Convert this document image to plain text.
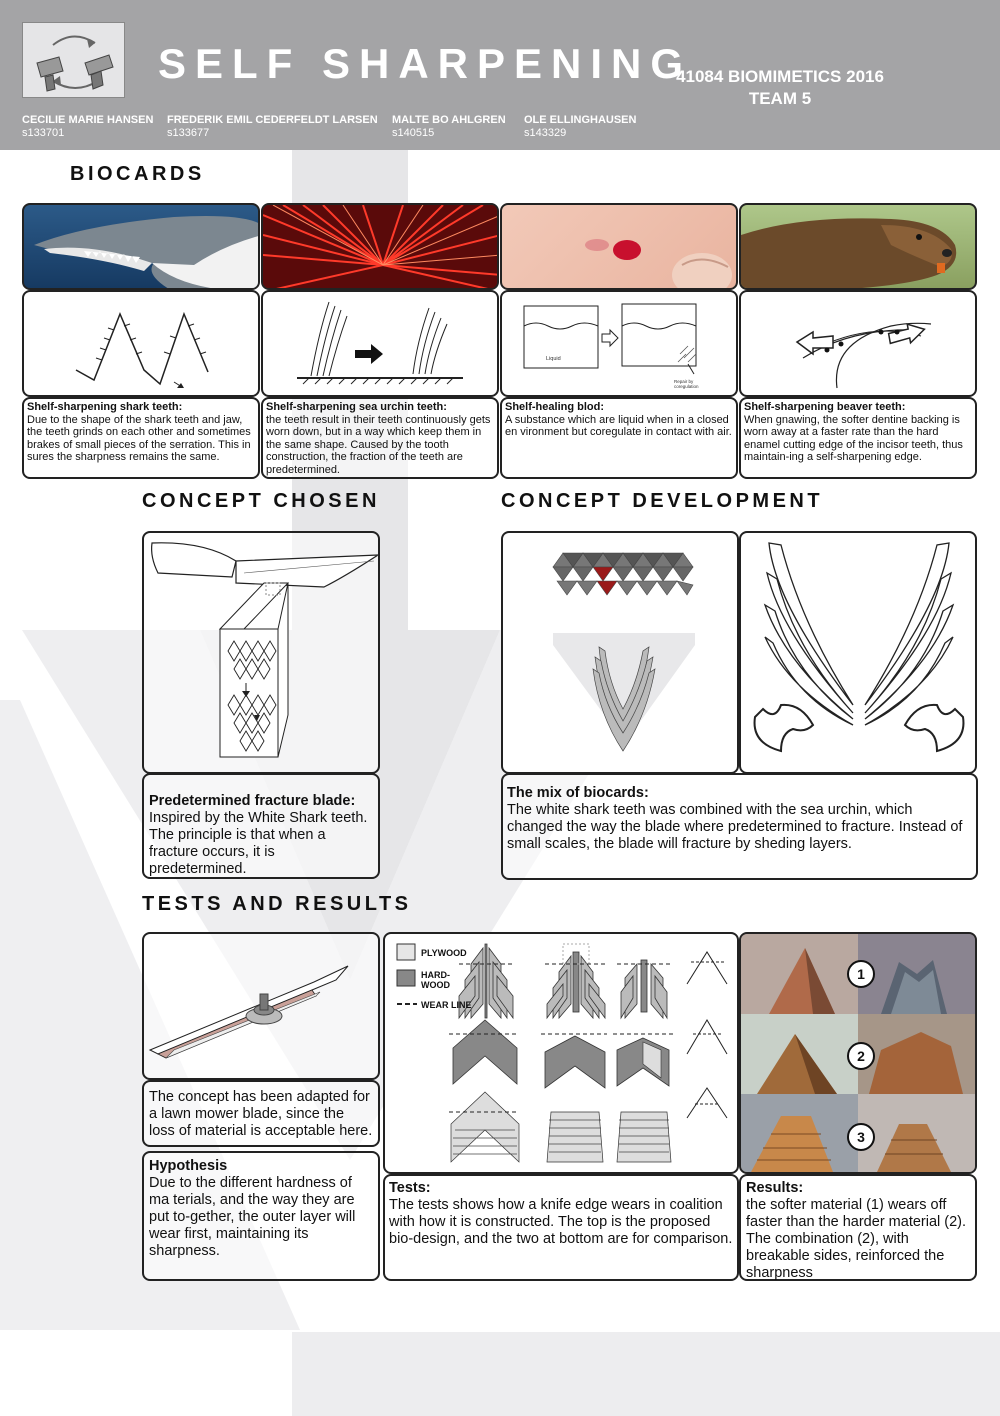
SELF SHARPENING
41084 BIOMIMETICS 2016
TEAM 5
CECILIE MARIE HANSEN
s133701
FREDERIK EMIL CEDERFELDT LARSEN
s133677
MALTE BO AHLGREN
s140515
OLE ELLINGHAUSEN
s143329
BIOCARDS
Liquid
Repair by
coregulation
Shelf-sharpening shark teeth:
Due to the shape of the shark teeth and jaw, the teeth grinds on each other and sometimes brakes of small pieces of the serration. This in sures the sharpness remains the same.
Shelf-sharpening sea urchin teeth:
the teeth result in their teeth continuously gets worn down, but in a way which keep them in the same shape. Caused by the tooth construction, the fraction of the teeth are predetermined.
Shelf-healing blod:
A substance which are liquid when in a closed en vironment but coregulate in contact with air.
Shelf-sharpening beaver teeth:
When gnawing, the softer dentine backing is worn away at a faster rate than the hard enamel cutting edge of the incisor teeth, thus maintain-ing a self-sharpening edge.
CONCEPT CHOSEN	CONCEPT DEVELOPMENT
Predetermined fracture blade:
Inspired by the White Shark teeth. The principle is that when a fracture occurs, it is predetermined.
The mix of biocards:
The white shark teeth was combined with the sea urchin, which changed the way the blade where predetermined to fracture. Instead of small scales, the blade will fracture by sheding layers.
TESTS AND RESULTS
The concept has been adapted for a lawn mower blade, since the loss of material is acceptable here.
Hypothesis
Due to the different hardness of ma terials, and the way they are put to-gether, the outer layer will wear first, maintaining its sharpness.
PLYWOOD
HARD-
WOOD
WEAR LINE
Tests:
The tests shows how a knife edge wears in coalition with how it is constructed. The top is the proposed bio-design, and the two at bottom are for comparison.
1
2
3
Results:
the softer material (1) wears off faster than the harder material (2). The combination (2), with breakable sides, reinforced the sharpness
